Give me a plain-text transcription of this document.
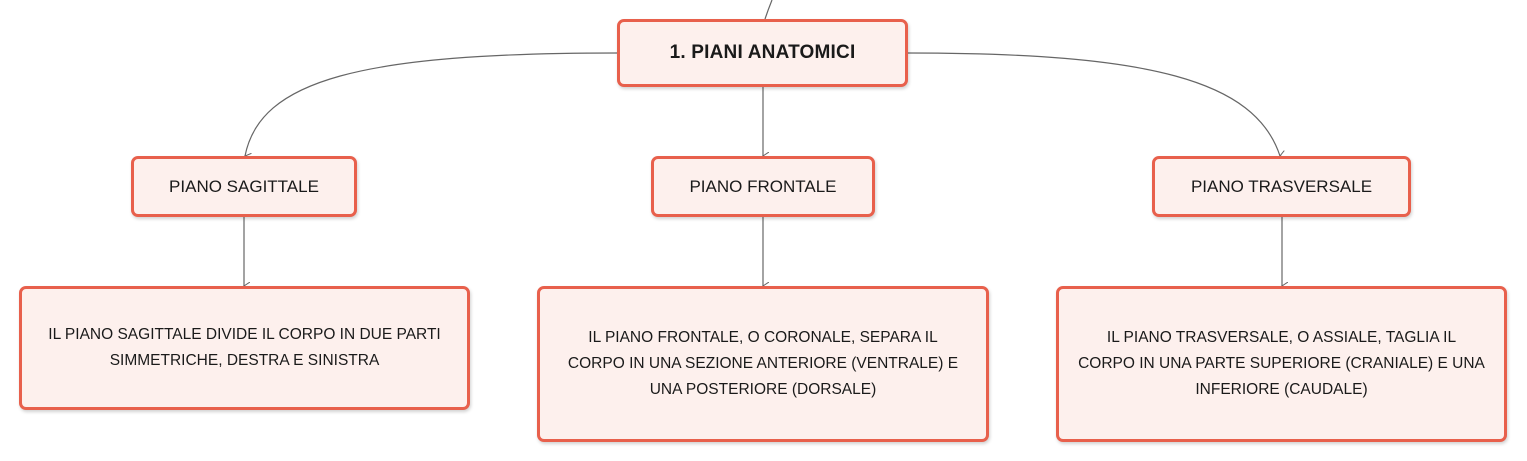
1. PIANI ANATOMICI
PIANO SAGITTALE	PIANO FRONTALE	PIANO TRASVERSALE
IL PIANO SAGITTALE DIVIDE IL CORPO IN DUE PARTI
SIMMETRICHE, DESTRA E SINISTRA
IL PIANO FRONTALE, O CORONALE, SEPARA IL
CORPO IN UNA SEZIONE ANTERIORE (VENTRALE) E
UNA POSTERIORE (DORSALE)
IL PIANO TRASVERSALE, O ASSIALE, TAGLIA IL
CORPO IN UNA PARTE SUPERIORE (CRANIALE) E UNA
INFERIORE (CAUDALE)
